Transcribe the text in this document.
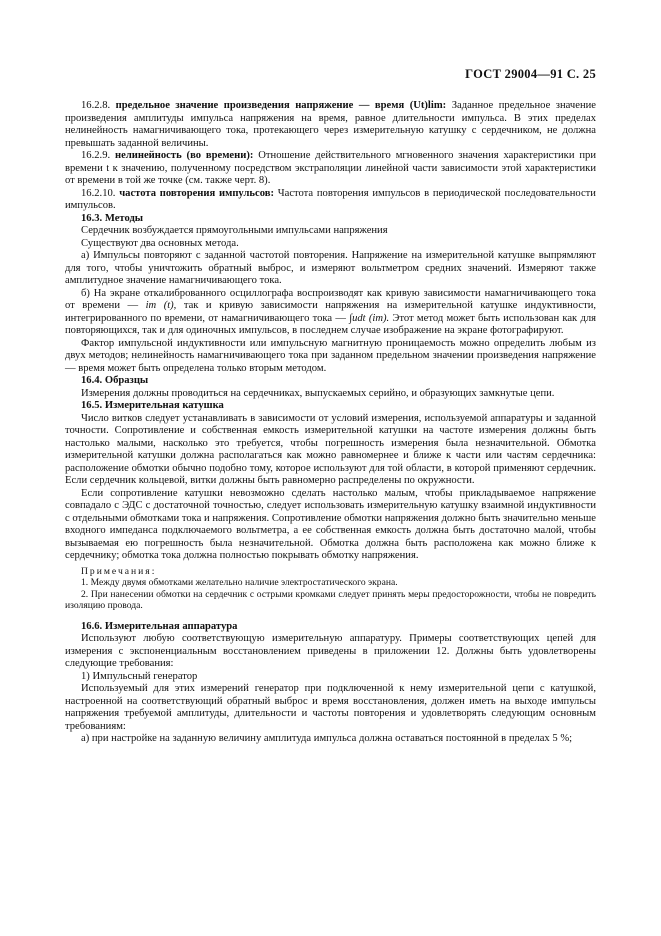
ГОСТ 29004—91 С. 25

16.2.8. предельное значение произведения напряжение — время (Ut)lim: Заданное предельное значение произведения амплитуды импульса напряжения на время, равное длительности импульса. В этих пределах нелинейность намагничивающего тока, протекающего через измерительную катушку с сердечником, не должна превышать заданной величины.

16.2.9. нелинейность (во времени): Отношение действительного мгновенного значения характеристики при времени t к значению, полученному посредством экстраполяции линейной части зависимости этой характеристики от времени в той же точке (см. также черт. 8).

16.2.10. частота повторения импульсов: Частота повторения импульсов в периодической последовательности импульсов.

16.3. Методы

Сердечник возбуждается прямоугольными импульсами напряжения

Существуют два основных метода.

а) Импульсы повторяют с заданной частотой повторения. Напряжение на измерительной катушке выпрямляют для того, чтобы уничтожить обратный выброс, и измеряют вольтметром средних значений. Измеряют также амплитудное значение намагничивающего тока.

б) На экране откалиброванного осциллографа воспроизводят как кривую зависимости намагничивающего тока от времени — im (t), так и кривую зависимости напряжения на измерительной катушке индуктивности, интегрированного по времени, от намагничивающего тока — ∫udt (im). Этот метод может быть использован как для повторяющихся, так и для одиночных импульсов, в последнем случае изображение на экране фотографируют.

Фактор импульсной индуктивности или импульсную магнитную проницаемость можно определить любым из двух методов; нелинейность намагничивающего тока при заданном предельном значении произведения напряжение — время может быть определена только вторым методом.

16.4. Образцы

Измерения должны проводиться на сердечниках, выпускаемых серийно, и образующих замкнутые цепи.

16.5. Измерительная катушка

Число витков следует устанавливать в зависимости от условий измерения, используемой аппаратуры и заданной точности. Сопротивление и собственная емкость измерительной катушки на частоте измерения должны быть настолько малыми, насколько это требуется, чтобы погрешность измерения была незначительной. Обмотка измерительной катушки должна располагаться как можно равномернее и ближе к части или частям сердечника: расположение обмотки обычно подобно тому, которое используют для той области, в которой применяют сердечник. Если сердечник кольцевой, витки должны быть равномерно распределены по окружности.

Если сопротивление катушки невозможно сделать настолько малым, чтобы прикладываемое напряжение совпадало с ЭДС с достаточной точностью, следует использовать измерительную катушку взаимной индуктивности с отдельными обмотками тока и напряжения. Сопротивление обмотки напряжения должно быть значительно меньше входного импеданса подключаемого вольтметра, а ее собственная емкость должна быть достаточно малой, чтобы вызываемая ею погрешность была незначительной. Обмотка должна быть расположена как можно ближе к сердечнику; обмотка тока должна полностью покрывать обмотку напряжения.

Примечания:

1. Между двумя обмотками желательно наличие электростатического экрана.

2. При нанесении обмотки на сердечник с острыми кромками следует принять меры предосторожности, чтобы не повредить изоляцию провода.

16.6. Измерительная аппаратура

Используют любую соответствующую измерительную аппаратуру. Примеры соответствующих цепей для измерения с экспоненциальным восстановлением приведены в приложении 12. Должны быть удовлетворены следующие требования:

1) Импульсный генератор

Используемый для этих измерений генератор при подключенной к нему измерительной цепи с катушкой, настроенной на соответствующий обратный выброс и время восстановления, должен иметь на выходе импульсы напряжения требуемой амплитуды, длительности и частоты повторения и удовлетворять следующим основным требованиям:

а) при настройке на заданную величину амплитуда импульса должна оставаться постоянной в пределах 5 %;
